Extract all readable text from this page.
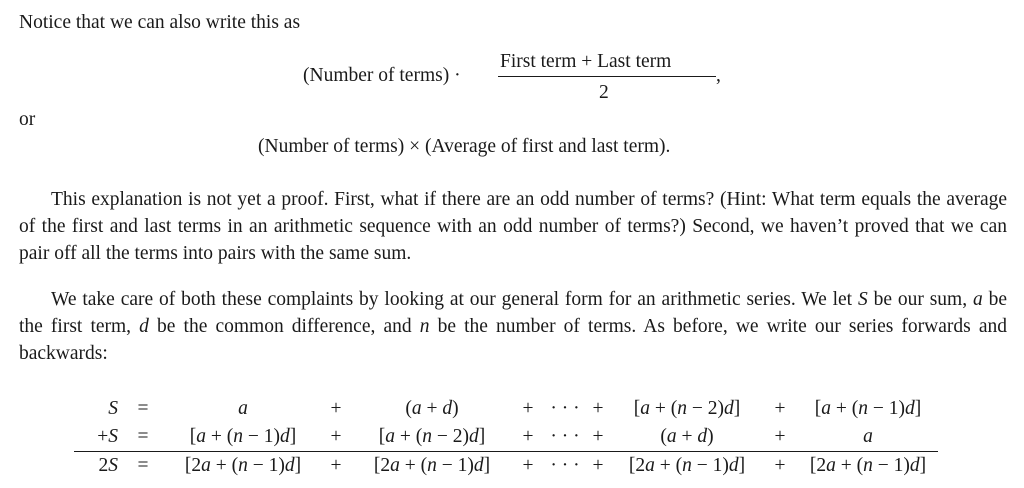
Notice that we can also write this as
(Number of terms) ·
First term + Last term
2
,
or
(Number of terms) × (Average of first and last term).
This explanation is not yet a proof. First, what if there are an odd number of terms? (Hint: What term equals the average of the first and last terms in an arithmetic sequence with an odd number of terms?) Second, we haven’t proved that we can pair off all the terms into pairs with the same sum.
We take care of both these complaints by looking at our general form for an arithmetic series. We let S be our sum, a be the first term, d be the common difference, and n be the number of terms. As before, we write our series forwards and backwards:
S	=	a	+	(a + d)	+	· · ·	+	[a + (n − 2)d]	+	[a + (n − 1)d]
+S	=	[a + (n − 1)d]	+	[a + (n − 2)d]	+	· · ·	+	(a + d)	+	a
2S	=	[2a + (n − 1)d]	+	[2a + (n − 1)d]	+	· · ·	+	[2a + (n − 1)d]	+	[2a + (n − 1)d]
